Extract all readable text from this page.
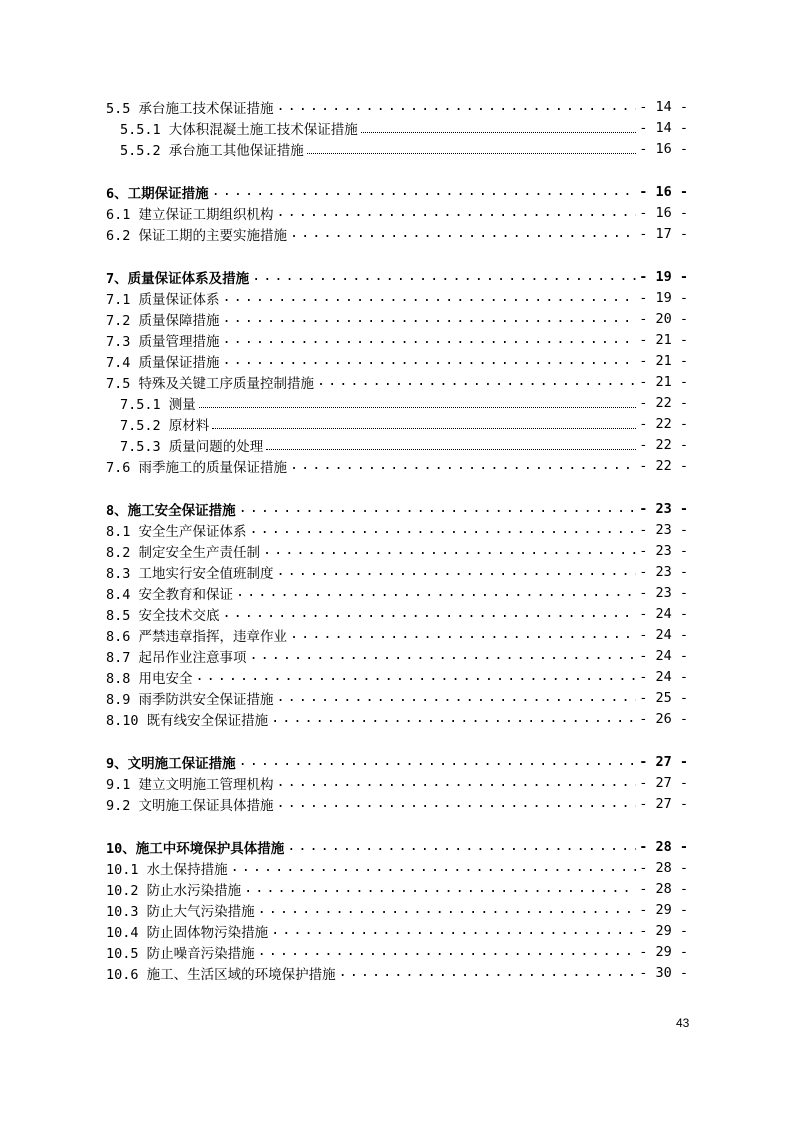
5.5 承台施工技术保证措施 .....	- 14 -
5.5.1 大体积混凝土施工技术保证措施	- 14 -
5.5.2 承台施工其他保证措施	- 16 -
6、工期保证措施 .....	- 16 -
6.1 建立保证工期组织机构 .....	- 16 -
6.2 保证工期的主要实施措施 .....	- 17 -
7、质量保证体系及措施 .....	- 19 -
7.1 质量保证体系 .....	- 19 -
7.2 质量保障措施 .....	- 20 -
7.3 质量管理措施 .....	- 21 -
7.4 质量保证措施 .....	- 21 -
7.5 特殊及关键工序质量控制措施 .....	- 21 -
7.5.1 测量	- 22 -
7.5.2 原材料	- 22 -
7.5.3 质量问题的处理	- 22 -
7.6 雨季施工的质量保证措施 .....	- 22 -
8、施工安全保证措施 .....	- 23 -
8.1 安全生产保证体系 .....	- 23 -
8.2 制定安全生产责任制 .....	- 23 -
8.3 工地实行安全值班制度 .....	- 23 -
8.4 安全教育和保证 .....	- 23 -
8.5 安全技术交底 .....	- 24 -
8.6 严禁违章指挥，违章作业 .....	- 24 -
8.7 起吊作业注意事项 .....	- 24 -
8.8 用电安全 .....	- 24 -
8.9 雨季防洪安全保证措施 .....	- 25 -
8.10 既有线安全保证措施 .....	- 26 -
9、文明施工保证措施 .....	- 27 -
9.1 建立文明施工管理机构 .....	- 27 -
9.2 文明施工保证具体措施 .....	- 27 -
10、施工中环境保护具体措施 .....	- 28 -
10.1 水土保持措施 .....	- 28 -
10.2 防止水污染措施 .....	- 28 -
10.3 防止大气污染措施 .....	- 29 -
10.4 防止固体物污染措施 .....	- 29 -
10.5 防止噪音污染措施 .....	- 29 -
10.6 施工、生活区域的环境保护措施 .....	- 30 -
43
